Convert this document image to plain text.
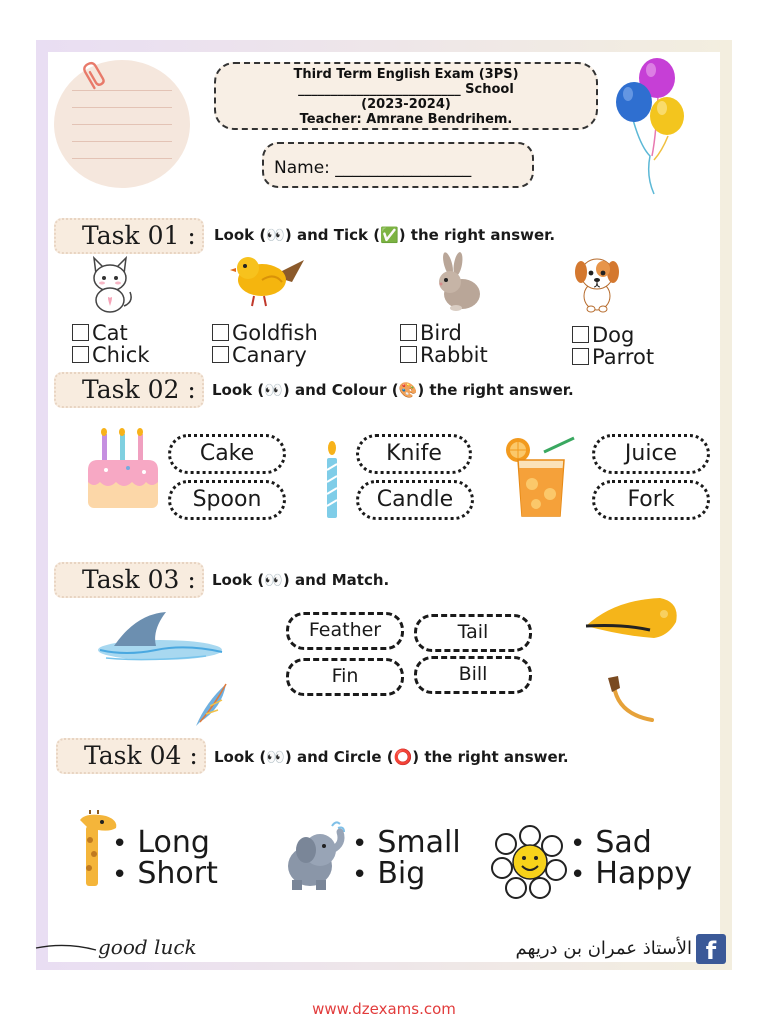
Third Term English Exam (3PS)
_________________________ School
(2023-2024)
Teacher: Amrane Bendrihem.
Name: ________________
Task 01 :	Look (👀) and Tick (✅) the right answer.
Cat
Chick
Goldfish
Canary
Bird
Rabbit
Dog
Parrot
Task 02 :	Look (👀) and Colour (🎨) the right answer.
Cake
Spoon
Knife
Candle
Juice
Fork
Task 03 :	Look (👀) and Match.
Feather	Tail
Fin	Bill
Task 04 :	Look (👀) and Circle (⭕) the right answer.
• Long
• Short
• Small
• Big
• Sad
• Happy
good luck	الأستاذ عمران بن دريهم f
www.dzexams.com
